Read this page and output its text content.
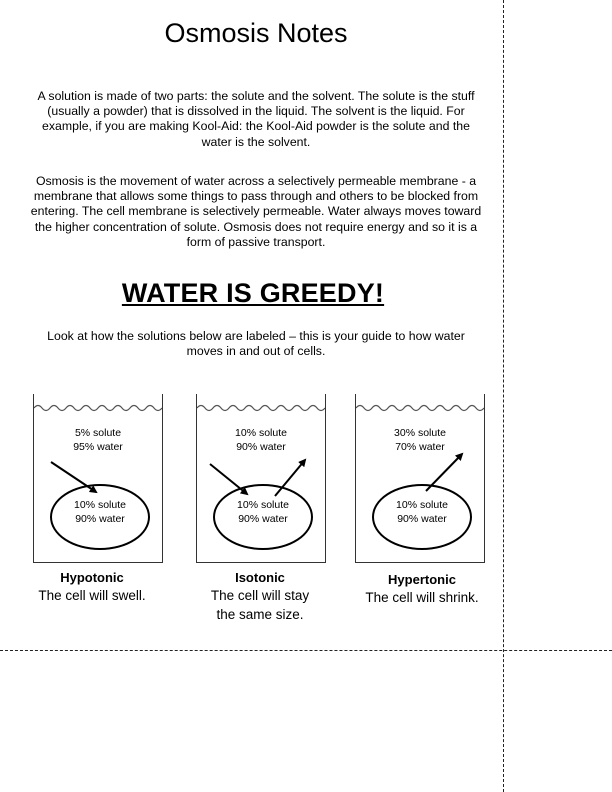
Osmosis Notes

A solution is made of two parts: the solute and the solvent. The solute is the stuff (usually a powder) that is dissolved in the liquid. The solvent is the liquid. For example, if you are making Kool-Aid: the Kool-Aid powder is the solute and the water is the solvent.

Osmosis is the movement of water across a selectively permeable membrane - a membrane that allows some things to pass through and others to be blocked from entering. The cell membrane is selectively permeable. Water always moves toward the higher concentration of solute. Osmosis does not require energy and so it is a form of passive transport.

WATER IS GREEDY!

Look at how the solutions below are labeled – this is your guide to how water moves in and out of cells.

5% solute
95% water
10% solute
90% water
10% solute
90% water
10% solute
90% water
30% solute
70% water
10% solute
90% water
Hypotonic
The cell will swell.
Isotonic
The cell will stay the same size.
Hypertonic
The cell will shrink.
